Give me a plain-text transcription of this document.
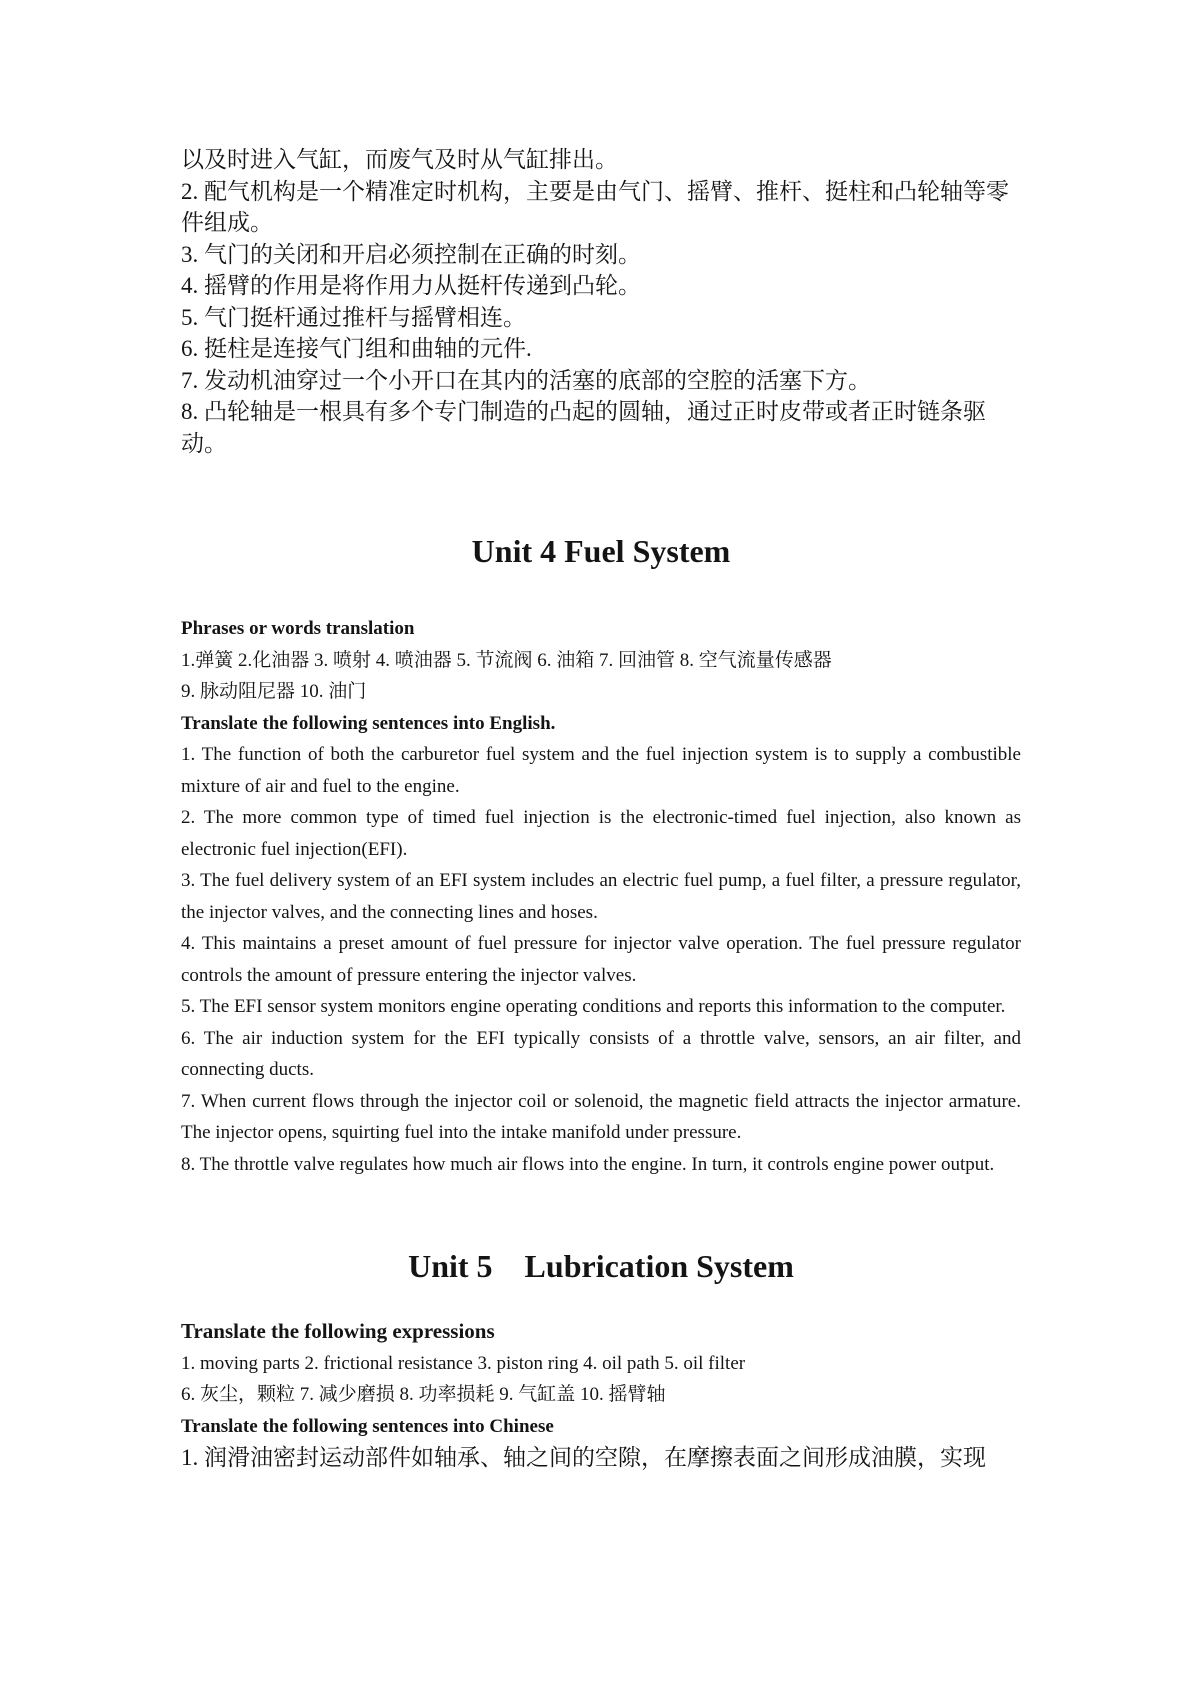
以及时进入气缸，而废气及时从气缸排出。

2. 配气机构是一个精准定时机构，主要是由气门、摇臂、推杆、挺柱和凸轮轴等零件组成。

3. 气门的关闭和开启必须控制在正确的时刻。

4. 摇臂的作用是将作用力从挺杆传递到凸轮。

5. 气门挺杆通过推杆与摇臂相连。

6. 挺柱是连接气门组和曲轴的元件.

7. 发动机油穿过一个小开口在其内的活塞的底部的空腔的活塞下方。

8. 凸轮轴是一根具有多个专门制造的凸起的圆轴，通过正时皮带或者正时链条驱动。

Unit 4 Fuel System

Phrases or words translation

1.弹簧 2.化油器 3. 喷射 4. 喷油器 5. 节流阀 6. 油箱 7. 回油管 8. 空气流量传感器

9. 脉动阻尼器 10. 油门

Translate the following sentences into English.

1. The function of both the carburetor fuel system and the fuel injection system is to supply a combustible mixture of air and fuel to the engine.

2. The more common type of timed fuel injection is the electronic-timed fuel injection, also known as electronic fuel injection(EFI).

3. The fuel delivery system of an EFI system includes an electric fuel pump, a fuel filter, a pressure regulator, the injector valves, and the connecting lines and hoses.

4. This maintains a preset amount of fuel pressure for injector valve operation. The fuel pressure regulator controls the amount of pressure entering the injector valves.

5. The EFI sensor system monitors engine operating conditions and reports this information to the computer.

6. The air induction system for the EFI typically consists of a throttle valve, sensors, an air filter, and connecting ducts.

7. When current flows through the injector coil or solenoid, the magnetic field attracts the injector armature. The injector opens, squirting fuel into the intake manifold under pressure.

8. The throttle valve regulates how much air flows into the engine. In turn, it controls engine power output.

Unit 5    Lubrication System

Translate the following expressions

1. moving parts 2. frictional resistance 3. piston ring 4. oil path 5. oil filter

6. 灰尘，颗粒 7. 减少磨损 8. 功率损耗 9. 气缸盖 10. 摇臂轴

Translate the following sentences into Chinese

1. 润滑油密封运动部件如轴承、轴之间的空隙，在摩擦表面之间形成油膜，实现
